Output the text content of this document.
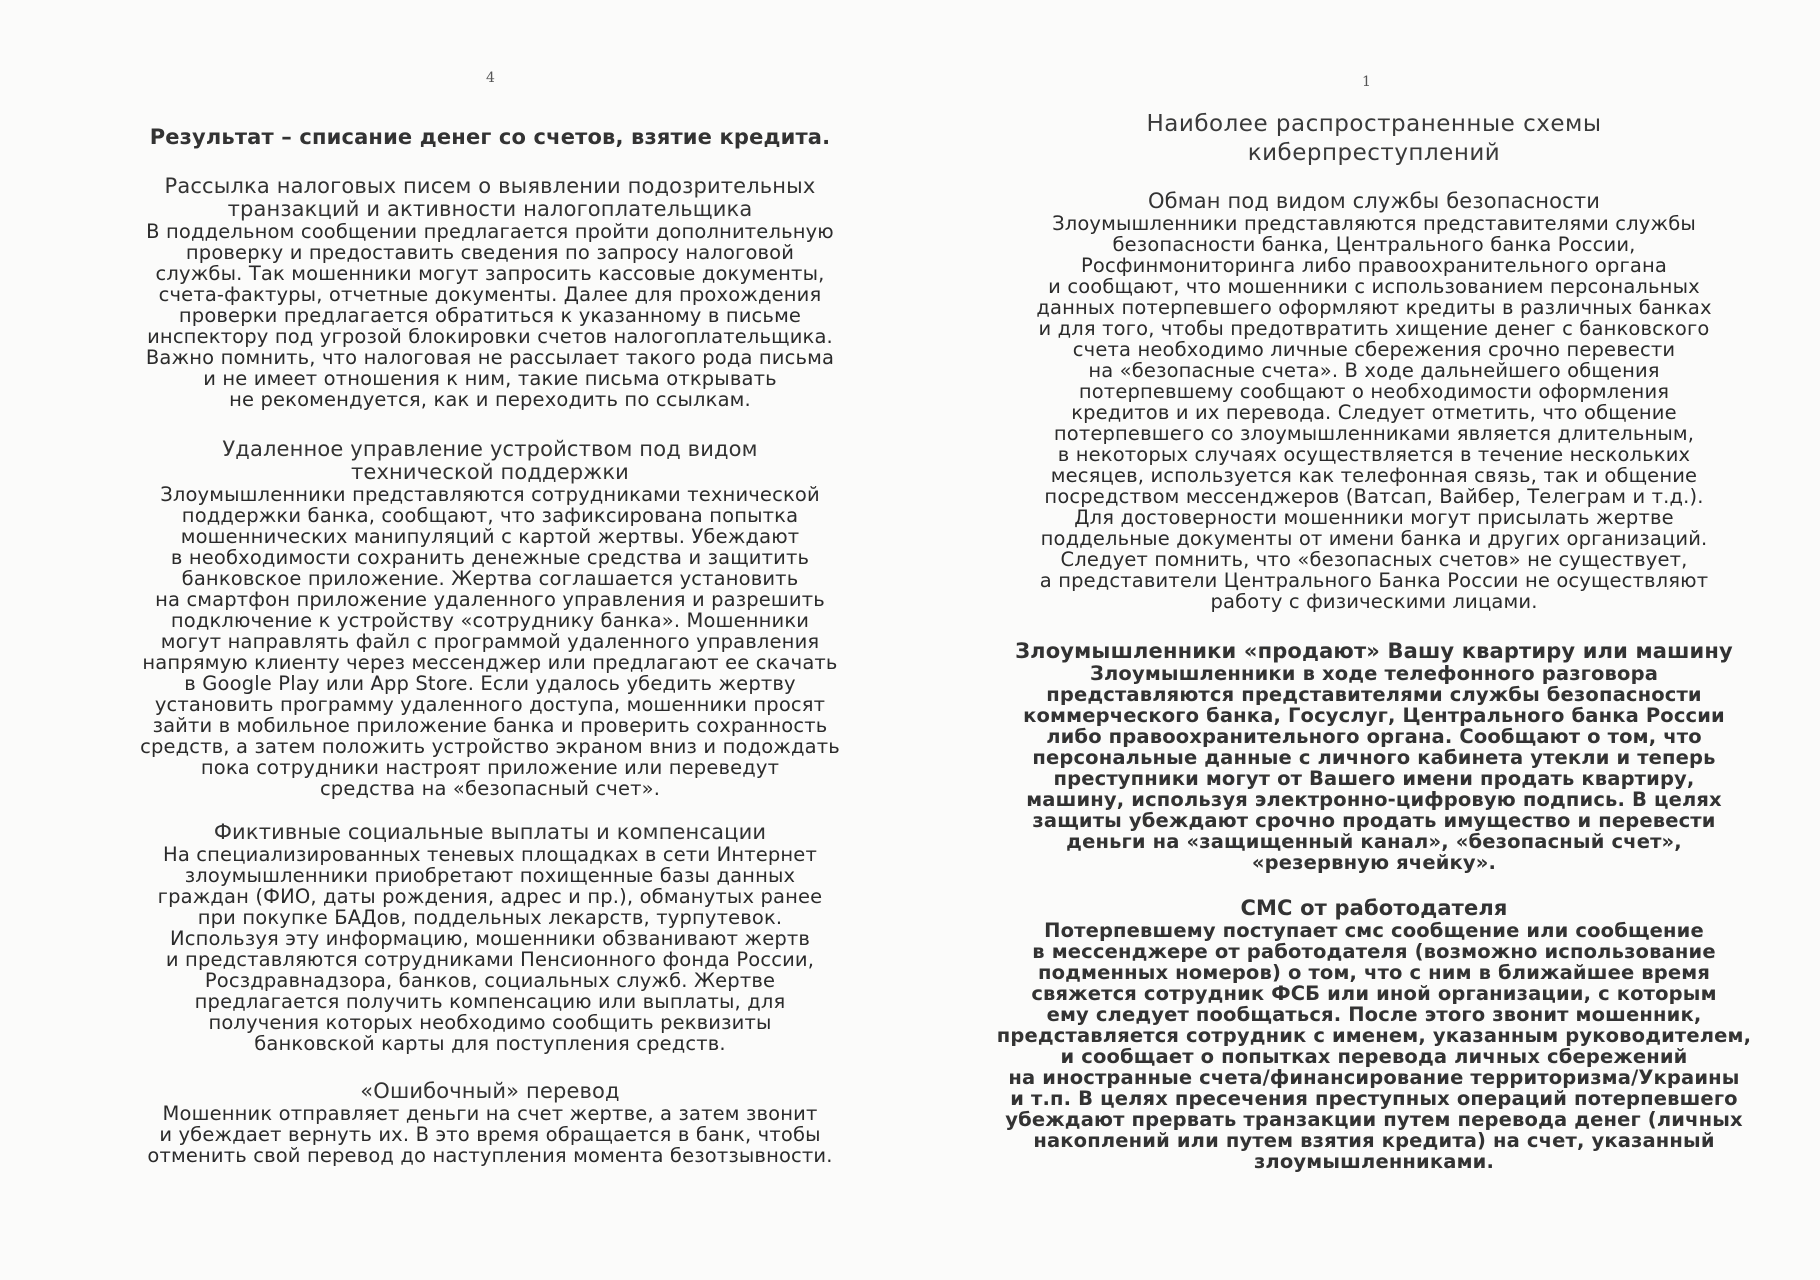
4

Результат – списание денег со счетов, взятие кредита.

Рассылка налоговых писем о выявлении подозрительных
транзакций и активности налогоплательщика

В поддельном сообщении предлагается пройти дополнительную
проверку и предоставить сведения по запросу налоговой
службы. Так мошенники могут запросить кассовые документы,
счета-фактуры, отчетные документы. Далее для прохождения
проверки предлагается обратиться к указанному в письме
инспектору под угрозой блокировки счетов налогоплательщика.
Важно помнить, что налоговая не рассылает такого рода письма
и не имеет отношения к ним, такие письма открывать
не рекомендуется, как и переходить по ссылкам.

Удаленное управление устройством под видом
технической поддержки

Злоумышленники представляются сотрудниками технической
поддержки банка, сообщают, что зафиксирована попытка
мошеннических манипуляций с картой жертвы. Убеждают
в необходимости сохранить денежные средства и защитить
банковское приложение. Жертва соглашается установить
на смартфон приложение удаленного управления и разрешить
подключение к устройству «сотруднику банка». Мошенники
могут направлять файл с программой удаленного управления
напрямую клиенту через мессенджер или предлагают ее скачать
в Google Play или App Store. Если удалось убедить жертву
установить программу удаленного доступа, мошенники просят
зайти в мобильное приложение банка и проверить сохранность
средств, а затем положить устройство экраном вниз и подождать
пока сотрудники настроят приложение или переведут
средства на «безопасный счет».

Фиктивные социальные выплаты и компенсации

На специализированных теневых площадках в сети Интернет
злоумышленники приобретают похищенные базы данных
граждан (ФИО, даты рождения, адрес и пр.), обманутых ранее
при покупке БАДов, поддельных лекарств, турпутевок.
Используя эту информацию, мошенники обзванивают жертв
и представляются сотрудниками Пенсионного фонда России,
Росздравнадзора, банков, социальных служб. Жертве
предлагается получить компенсацию или выплаты, для
получения которых необходимо сообщить реквизиты
банковской карты для поступления средств.

«Ошибочный» перевод

Мошенник отправляет деньги на счет жертве, а затем звонит
и убеждает вернуть их. В это время обращается в банк, чтобы
отменить свой перевод до наступления момента безотзывности.

1
Наиболее распространенные схемы
киберпреступлений
Обман под видом службы безопасности

Злоумышленники представляются представителями службы
безопасности банка, Центрального банка России,
Росфинмониторинга либо правоохранительного органа
и сообщают, что мошенники с использованием персональных
данных потерпевшего оформляют кредиты в различных банках
и для того, чтобы предотвратить хищение денег с банковского
счета необходимо личные сбережения срочно перевести
на «безопасные счета». В ходе дальнейшего общения
потерпевшему сообщают о необходимости оформления
кредитов и их перевода. Следует отметить, что общение
потерпевшего со злоумышленниками является длительным,
в некоторых случаях осуществляется в течение нескольких
месяцев, используется как телефонная связь, так и общение
посредством мессенджеров (Ватсап, Вайбер, Телеграм и т.д.).
Для достоверности мошенники могут присылать жертве
поддельные документы от имени банка и других организаций.
Следует помнить, что «безопасных счетов» не существует,
а представители Центрального Банка России не осуществляют
работу с физическими лицами.

Злоумышленники «продают» Вашу квартиру или машину

Злоумышленники в ходе телефонного разговора
представляются представителями службы безопасности
коммерческого банка, Госуслуг, Центрального банка России
либо правоохранительного органа. Сообщают о том, что
персональные данные с личного кабинета утекли и теперь
преступники могут от Вашего имени продать квартиру,
машину, используя электронно-цифровую подпись. В целях
защиты убеждают срочно продать имущество и перевести
деньги на «защищенный канал», «безопасный счет»,
«резервную ячейку».

СМС от работодателя

Потерпевшему поступает смс сообщение или сообщение
в мессенджере от работодателя (возможно использование
подменных номеров) о том, что с ним в ближайшее время
свяжется сотрудник ФСБ или иной организации, с которым
ему следует пообщаться. После этого звонит мошенник,
представляется сотрудник с именем, указанным руководителем,
и сообщает о попытках перевода личных сбережений
на иностранные счета/финансирование территоризма/Украины
и т.п. В целях пресечения преступных операций потерпевшего
убеждают прервать транзакции путем перевода денег (личных
накоплений или путем взятия кредита) на счет, указанный
злоумышленниками.
